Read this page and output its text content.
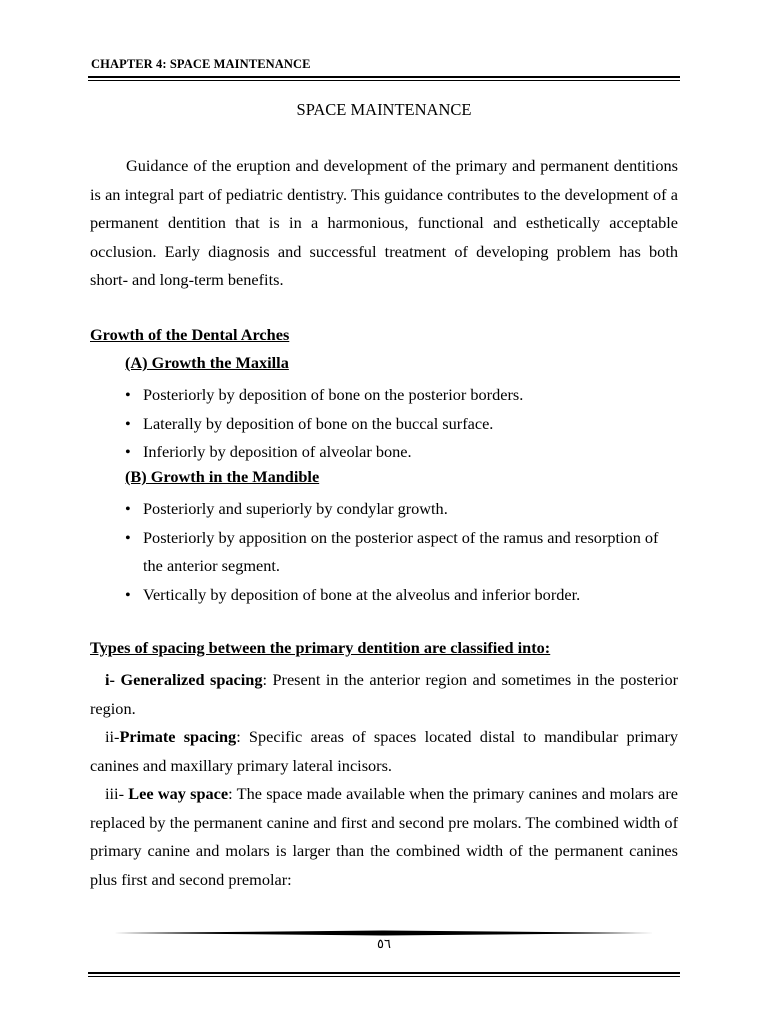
CHAPTER 4: SPACE MAINTENANCE
SPACE MAINTENANCE

Guidance of the eruption and development of the primary and permanent dentitions is an integral part of pediatric dentistry. This guidance contributes to the development of a permanent dentition that is in a harmonious, functional and esthetically acceptable occlusion. Early diagnosis and successful treatment of developing problem has both short- and long-term benefits.

Growth of the Dental Arches
(A) Growth the Maxilla
• Posteriorly by deposition of bone on the posterior borders.
• Laterally by deposition of bone on the buccal surface.
• Inferiorly by deposition of alveolar bone.
(B) Growth in the Mandible
• Posteriorly and superiorly by condylar growth.
• Posteriorly by apposition on the posterior aspect of the ramus and resorption of the anterior segment.
• Vertically by deposition of bone at the alveolus and inferior border.
Types of spacing between the primary dentition are classified into:

i- Generalized spacing: Present in the anterior region and sometimes in the posterior region.

ii-Primate spacing: Specific areas of spaces located distal to mandibular primary canines and maxillary primary lateral incisors.

iii- Lee way space: The space made available when the primary canines and molars are replaced by the permanent canine and first and second pre molars. The combined width of primary canine and molars is larger than the combined width of the permanent canines plus first and second premolar:

٥٦
